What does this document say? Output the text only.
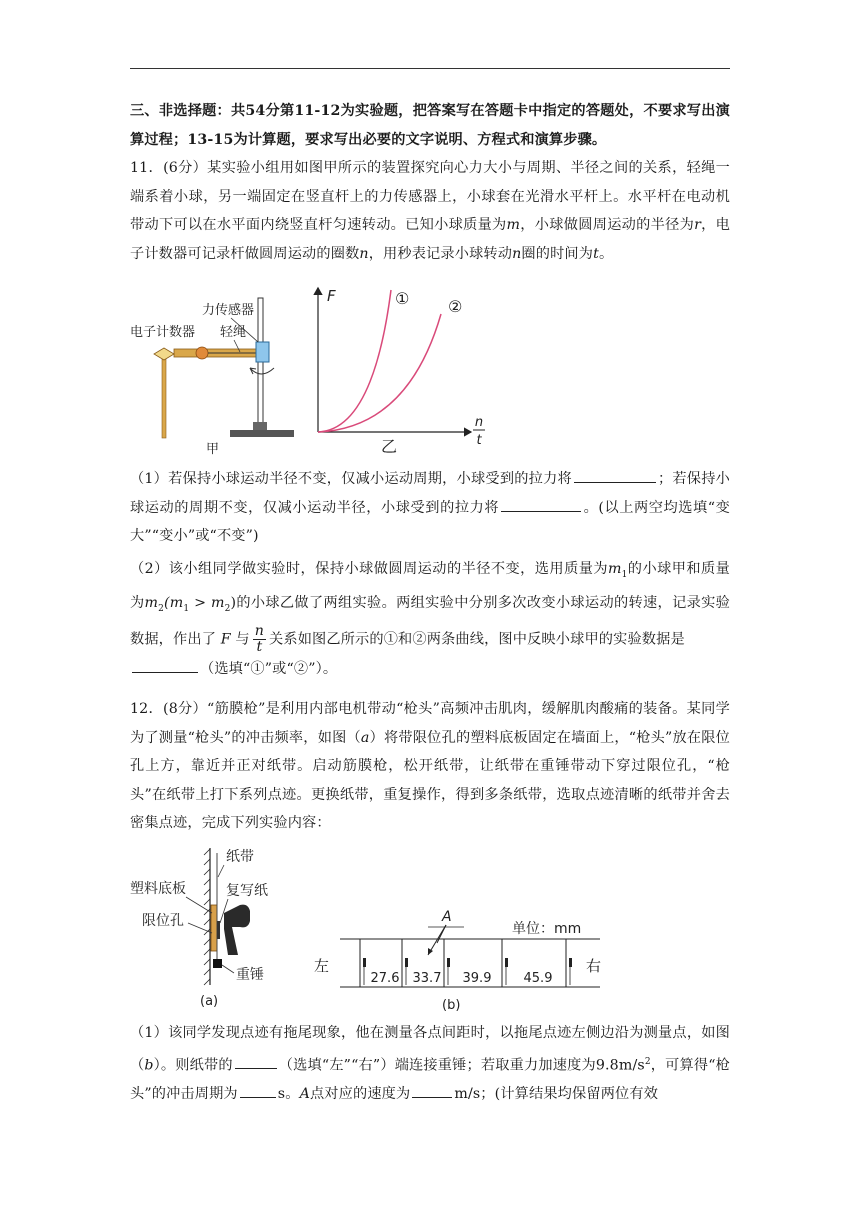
三、非选择题：共54分第11-12为实验题，把答案写在答题卡中指定的答题处，不要求写出演算过程；13-15为计算题，要求写出必要的文字说明、方程式和演算步骤。
11．(6分）某实验小组用如图甲所示的装置探究向心力大小与周期、半径之间的关系，轻绳一端系着小球，另一端固定在竖直杆上的力传感器上，小球套在光滑水平杆上。水平杆在电动机带动下可以在水平面内绕竖直杆匀速转动。已知小球质量为m，小球做圆周运动的半径为r，电子计数器可记录杆做圆周运动的圈数n，用秒表记录小球转动n圈的时间为t。
力传感器
电子计数器 轻绳
甲
F	① ②
n
t
乙
（1）若保持小球运动半径不变，仅减小运动周期，小球受到的拉力将	；若保持小球运动的周期不变，仅减小运动半径，小球受到的拉力将	。(以上两空均选填“变大”“变小”或“不变”)
（2）该小组同学做实验时，保持小球做圆周运动的半径不变，选用质量为$m_1$的小球甲和质量为$m_2(m_1 > m_2)$的小球乙做了两组实验。两组实验中分别多次改变小球运动的转速，记录实验数据，作出了 F 与 $\frac{n}{t}$ 关系如图乙所示的①和②两条曲线，图中反映小球甲的实验数据是
（选填“①”或“②”）。
12．(8分）“筋膜枪”是利用内部电机带动“枪头”高频冲击肌肉，缓解肌肉酸痛的装备。某同学为了测量“枪头”的冲击频率，如图（a）将带限位孔的塑料底板固定在墙面上，“枪头”放在限位孔上方，靠近并正对纸带。启动筋膜枪，松开纸带，让纸带在重锤带动下穿过限位孔，“枪头”在纸带上打下系列点迹。更换纸带，重复操作，得到多条纸带，选取点迹清晰的纸带并舍去密集点迹，完成下列实验内容：
纸带
塑料底板	复写纸
限位孔
重锤
(a)
27.6 33.7 39.9 45.9
A
单位：mm
左	右
(b)
（1）该同学发现点迹有拖尾现象，他在测量各点间距时，以拖尾点迹左侧边沿为测量点，如图（b）。则纸带的	（选填“左”“右”）端连接重锤；若取重力加速度为$9.8m/s^2$，可算得“枪头”的冲击周期为	s。A点对应的速度为	m/s；(计算结果均保留两位有效
